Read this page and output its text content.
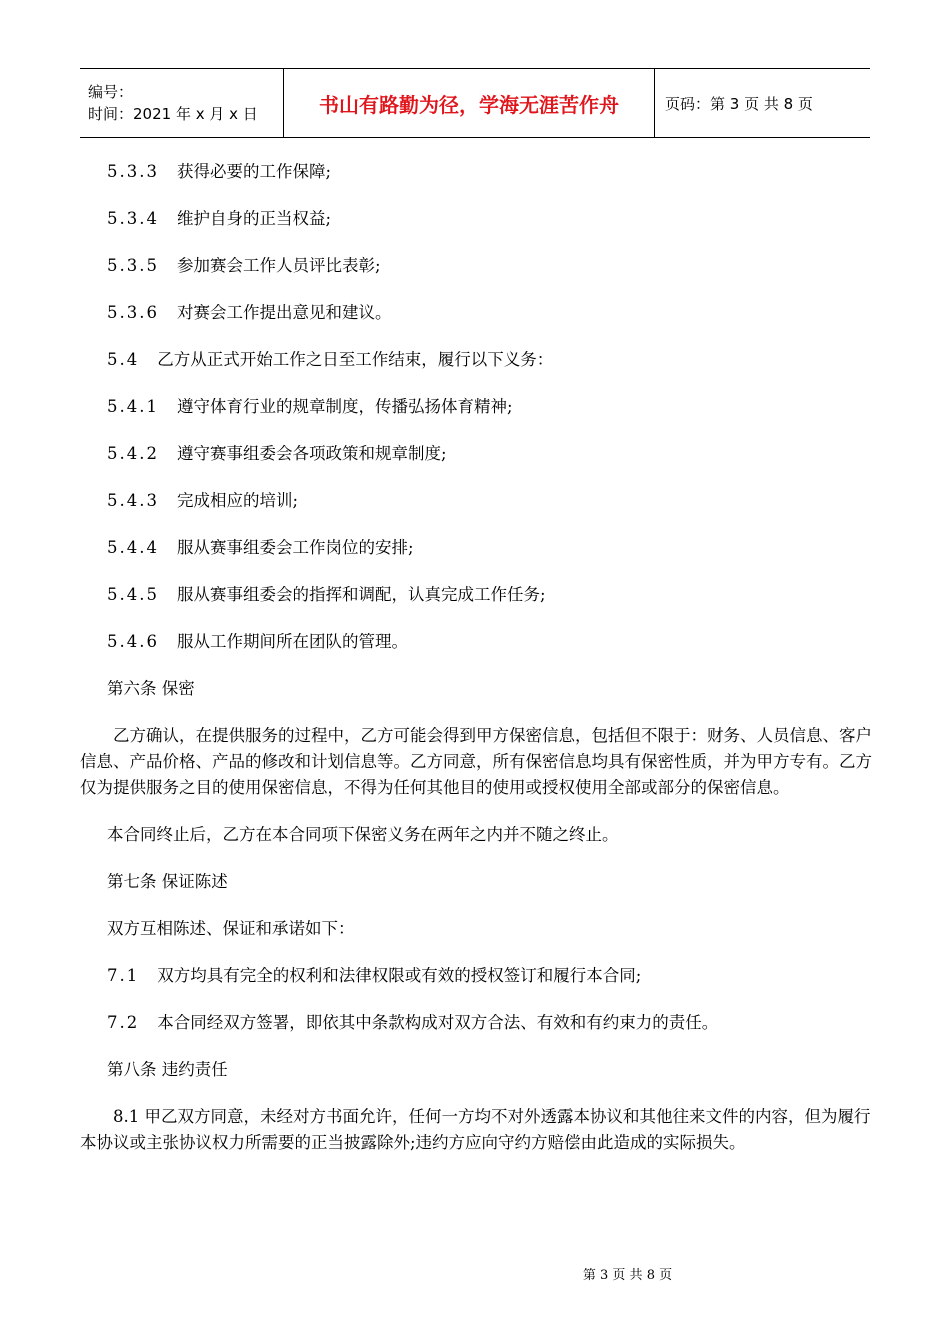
编号：
时间：2021 年 x 月 x 日	书山有路勤为径，学海无涯苦作舟	页码：第 3 页 共 8 页

5.3.3 获得必要的工作保障;

5.3.4 维护自身的正当权益;

5.3.5 参加赛会工作人员评比表彰;

5.3.6 对赛会工作提出意见和建议。

5.4 乙方从正式开始工作之日至工作结束，履行以下义务：

5.4.1 遵守体育行业的规章制度，传播弘扬体育精神;

5.4.2 遵守赛事组委会各项政策和规章制度;

5.4.3 完成相应的培训;

5.4.4 服从赛事组委会工作岗位的安排;

5.4.5 服从赛事组委会的指挥和调配，认真完成工作任务;

5.4.6 服从工作期间所在团队的管理。

第六条 保密

乙方确认，在提供服务的过程中，乙方可能会得到甲方保密信息，包括但不限于：财务、人员信息、客户信息、产品价格、产品的修改和计划信息等。乙方同意，所有保密信息均具有保密性质，并为甲方专有。乙方仅为提供服务之目的使用保密信息，不得为任何其他目的使用或授权使用全部或部分的保密信息。

本合同终止后，乙方在本合同项下保密义务在两年之内并不随之终止。

第七条 保证陈述

双方互相陈述、保证和承诺如下：

7.1 双方均具有完全的权利和法律权限或有效的授权签订和履行本合同;

7.2 本合同经双方签署，即依其中条款构成对双方合法、有效和有约束力的责任。

第八条 违约责任

8.1 甲乙双方同意，未经对方书面允许，任何一方均不对外透露本协议和其他往来文件的内容，但为履行本协议或主张协议权力所需要的正当披露除外;违约方应向守约方赔偿由此造成的实际损失。

第 3 页 共 8 页
